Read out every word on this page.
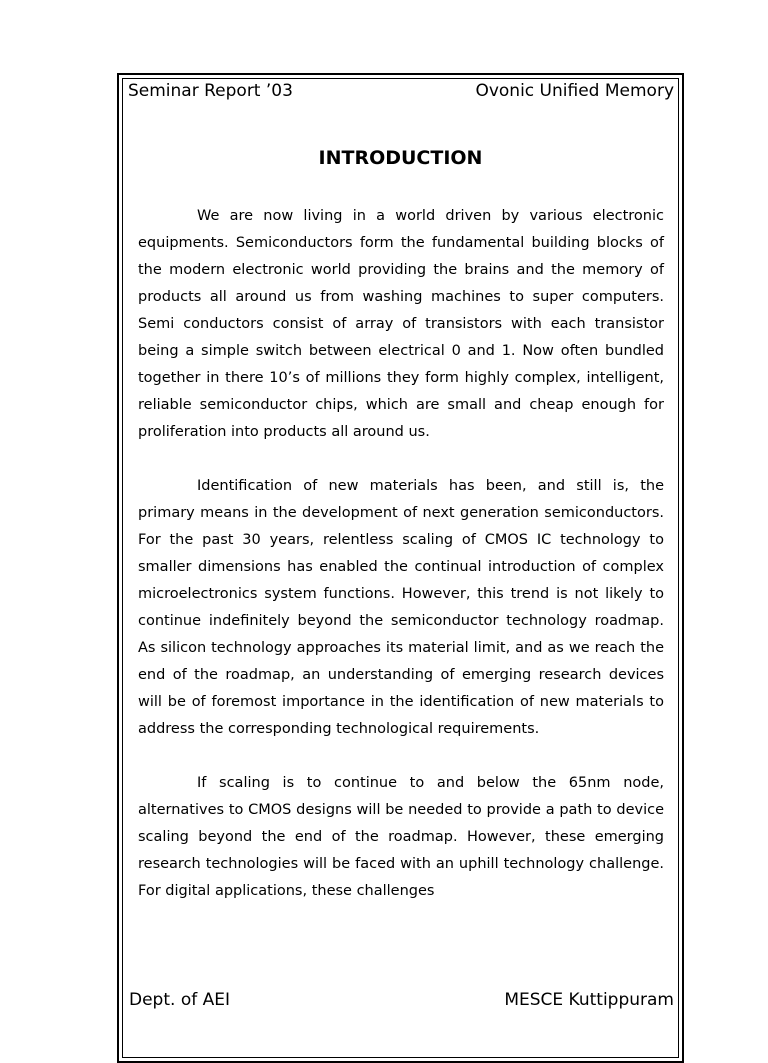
Seminar Report ’03	Ovonic Unified Memory
INTRODUCTION

We are now living in a world driven by various electronic equipments. Semiconductors form the fundamental building blocks of the modern electronic world providing the brains and the memory of products all around us from washing machines to super computers. Semi conductors consist of array of transistors with each transistor being a simple switch between electrical 0 and 1. Now often bundled together in there 10’s of millions they form highly complex, intelligent, reliable semiconductor chips, which are small and cheap enough for proliferation into products all around us.

Identification of new materials has been, and still is, the primary means in the development of next generation semiconductors. For the past 30 years, relentless scaling of CMOS IC technology to smaller dimensions has enabled the continual introduction of complex microelectronics system functions. However, this trend is not likely to continue indefinitely beyond the semiconductor technology roadmap. As silicon technology approaches its material limit, and as we reach the end of the roadmap, an understanding of emerging research devices will be of foremost importance in the identification of new materials to address the corresponding technological requirements.

If scaling is to continue to and below the 65nm node, alternatives to CMOS designs will be needed to provide a path to device scaling beyond the end of the roadmap. However, these emerging research technologies will be faced with an uphill technology challenge. For digital applications, these challenges

Dept. of AEI	MESCE Kuttippuram
